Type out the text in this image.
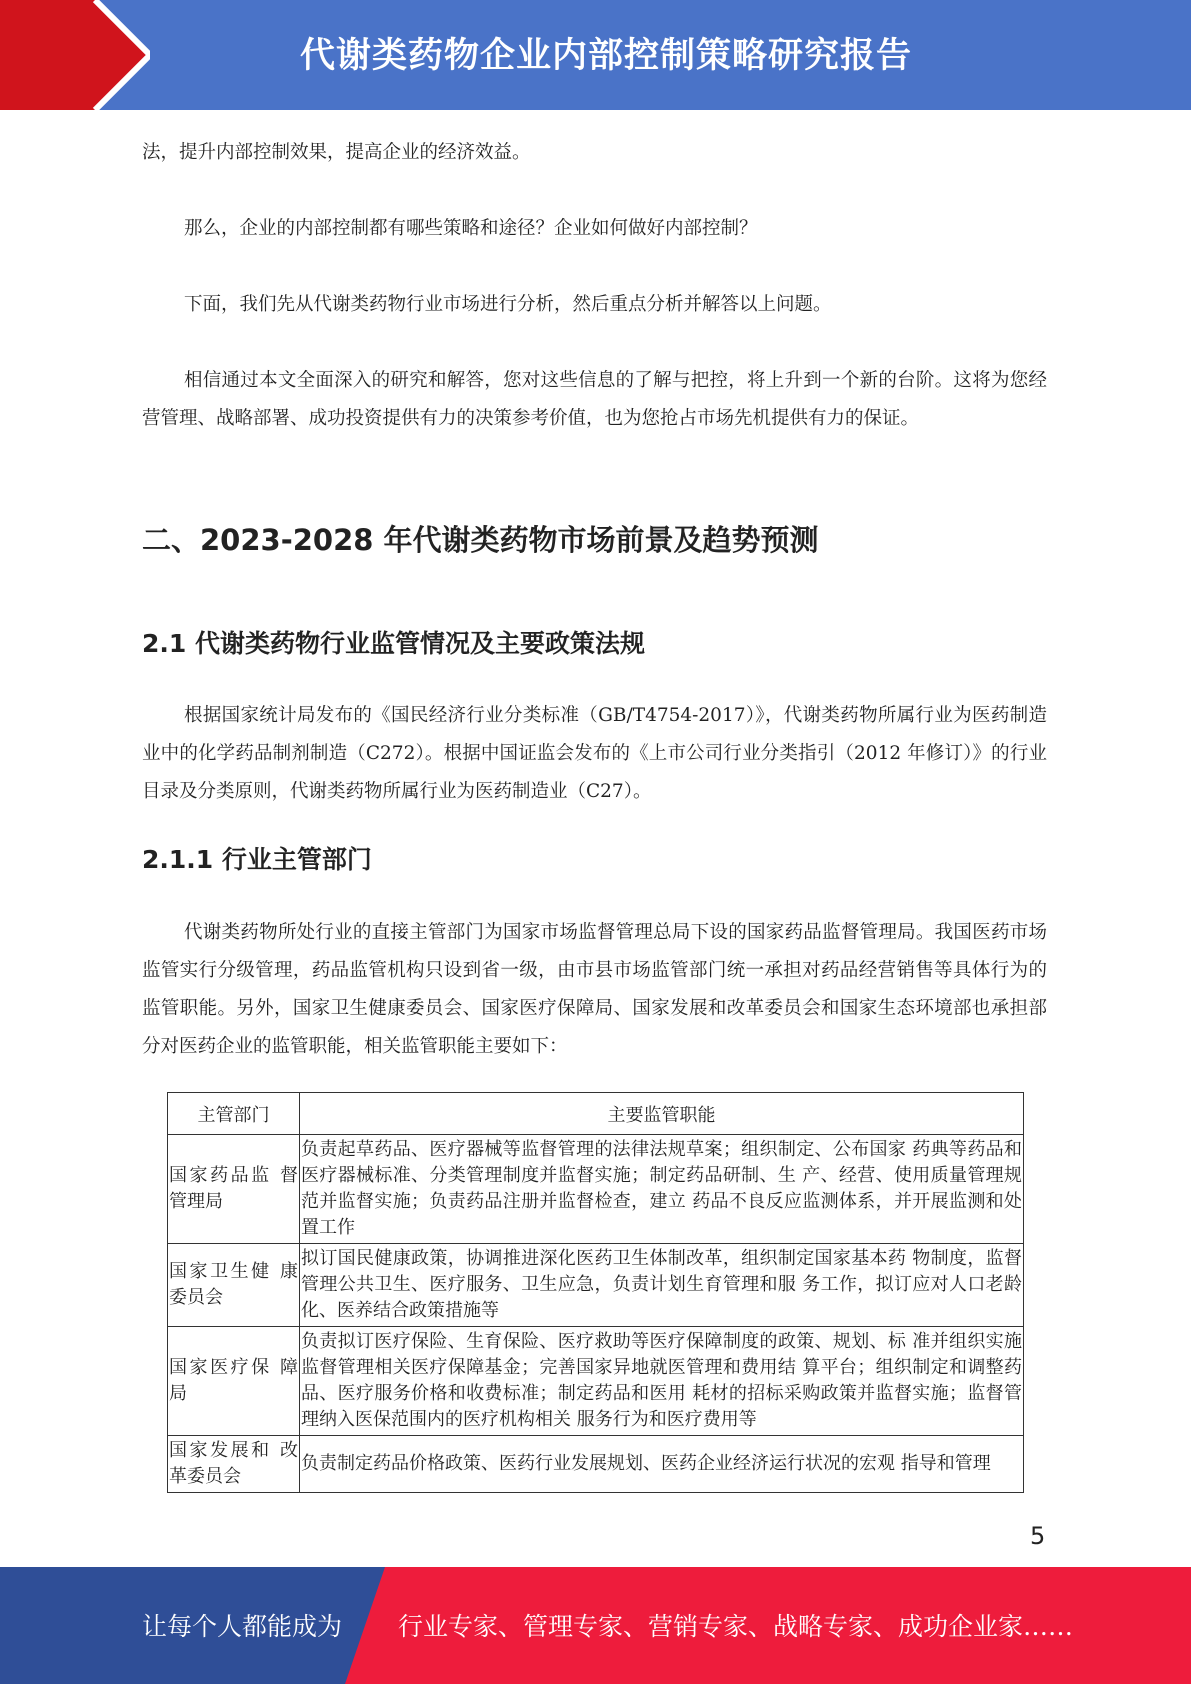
代谢类药物企业内部控制策略研究报告

法，提升内部控制效果，提高企业的经济效益。

那么，企业的内部控制都有哪些策略和途径？企业如何做好内部控制？

下面，我们先从代谢类药物行业市场进行分析，然后重点分析并解答以上问题。

相信通过本文全面深入的研究和解答，您对这些信息的了解与把控，将上升到一个新的台阶。这将为您经营管理、战略部署、成功投资提供有力的决策参考价值，也为您抢占市场先机提供有力的保证。

二、2023-2028 年代谢类药物市场前景及趋势预测
2.1 代谢类药物行业监管情况及主要政策法规

根据国家统计局发布的《国民经济行业分类标准（GB/T4754-2017）》，代谢类药物所属行业为医药制造业中的化学药品制剂制造（C272）。根据中国证监会发布的《上市公司行业分类指引（2012 年修订）》的行业目录及分类原则，代谢类药物所属行业为医药制造业（C27）。

2.1.1 行业主管部门

代谢类药物所处行业的直接主管部门为国家市场监督管理总局下设的国家药品监督管理局。我国医药市场监管实行分级管理，药品监管机构只设到省一级，由市县市场监管部门统一承担对药品经营销售等具体行为的监管职能。另外，国家卫生健康委员会、国家医疗保障局、国家发展和改革委员会和国家生态环境部也承担部分对医药企业的监管职能，相关监管职能主要如下：

主管部门	主要监管职能
国家药品监 督管理局	负责起草药品、医疗器械等监督管理的法律法规草案；组织制定、公布国家 药典等药品和医疗器械标准、分类管理制度并监督实施；制定药品研制、生 产、经营、使用质量管理规范并监督实施；负责药品注册并监督检查，建立 药品不良反应监测体系，并开展监测和处置工作
国家卫生健 康委员会	拟订国民健康政策，协调推进深化医药卫生体制改革，组织制定国家基本药 物制度，监督管理公共卫生、医疗服务、卫生应急，负责计划生育管理和服 务工作，拟订应对人口老龄化、医养结合政策措施等
国家医疗保 障局	负责拟订医疗保险、生育保险、医疗救助等医疗保障制度的政策、规划、标 准并组织实施监督管理相关医疗保障基金；完善国家异地就医管理和费用结 算平台；组织制定和调整药品、医疗服务价格和收费标准；制定药品和医用 耗材的招标采购政策并监督实施；监督管理纳入医保范围内的医疗机构相关 服务行为和医疗费用等
国家发展和 改革委员会	负责制定药品价格政策、医药行业发展规划、医药企业经济运行状况的宏观 指导和管理
5
让每个人都能成为 行业专家、管理专家、营销专家、战略专家、成功企业家……
